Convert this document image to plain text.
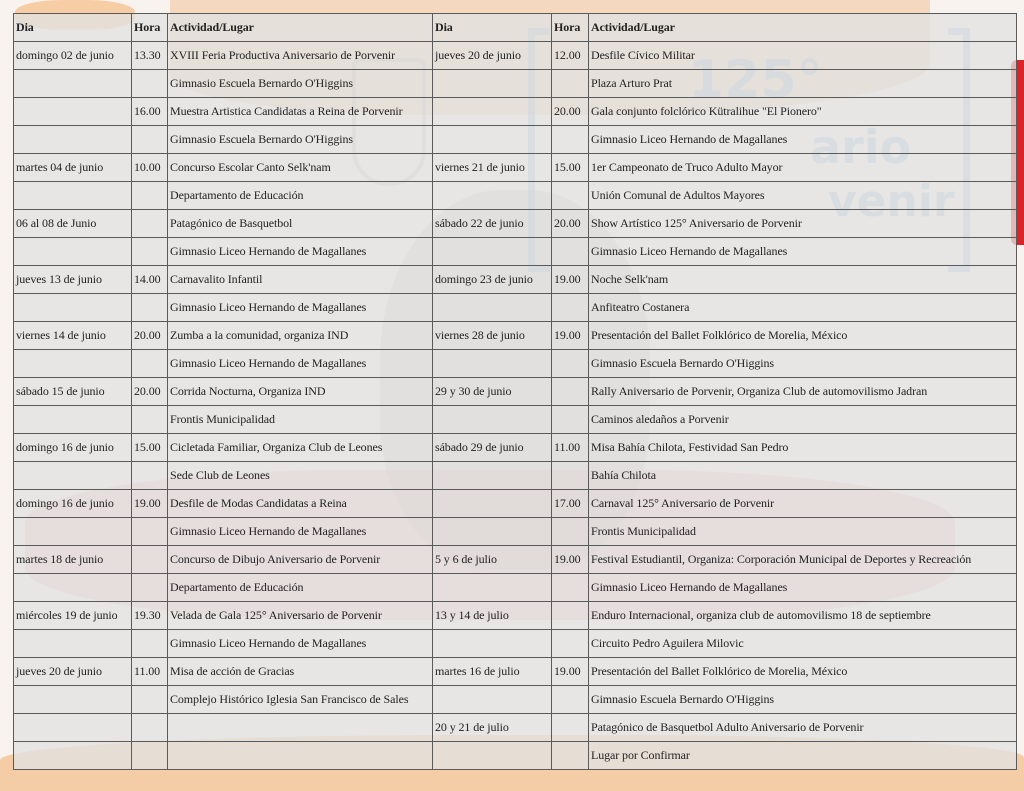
Dia	Hora	Actividad/Lugar	Dia	Hora	Actividad/Lugar
domingo 02 de junio	13.30	XVIII Feria Productiva Aniversario de Porvenir	jueves 20 de junio	12.00	Desfile Cívico Militar
		Gimnasio Escuela Bernardo O'Higgins			Plaza Arturo Prat
	16.00	Muestra Artistica Candidatas a Reina de Porvenir		20.00	Gala conjunto folclórico Kütralihue "El Pionero"
		Gimnasio Escuela Bernardo O'Higgins			Gimnasio Liceo Hernando de Magallanes
martes 04 de junio	10.00	Concurso Escolar Canto Selk'nam	viernes 21 de junio	15.00	1er Campeonato de Truco Adulto Mayor
		Departamento de Educación			Unión Comunal de Adultos Mayores
06 al 08 de Junio		Patagónico de Basquetbol	sábado 22 de junio	20.00	Show Artístico 125° Aniversario de Porvenir
		Gimnasio Liceo Hernando de Magallanes			Gimnasio Liceo Hernando de Magallanes
jueves 13 de junio	14.00	Carnavalito Infantil	domingo 23 de junio	19.00	Noche Selk'nam
		Gimnasio Liceo Hernando de Magallanes			Anfiteatro Costanera
viernes 14 de junio	20.00	Zumba a la comunidad, organiza IND	viernes 28 de junio	19.00	Presentación del Ballet Folklórico de Morelia, México
		Gimnasio Liceo Hernando de Magallanes			Gimnasio Escuela Bernardo O'Higgins
sábado 15 de junio	20.00	Corrida Nocturna, Organiza IND	29 y 30 de junio		Rally Aniversario de Porvenir, Organiza Club de automovilismo Jadran
		Frontis Municipalidad			Caminos aledaños a Porvenir
domingo 16 de junio	15.00	Cicletada Familiar, Organiza Club de Leones	sábado 29 de junio	11.00	Misa Bahía Chilota, Festividad San Pedro
		Sede Club de Leones			Bahía Chilota
domingo 16 de junio	19.00	Desfile de Modas Candidatas a Reina		17.00	Carnaval 125° Aniversario de Porvenir
		Gimnasio Liceo Hernando de Magallanes			Frontis Municipalidad
martes 18 de junio		Concurso de Dibujo Aniversario de Porvenir	5 y 6 de julio	19.00	Festival Estudiantil, Organiza: Corporación Municipal de Deportes y Recreación
		Departamento de Educación			Gimnasio Liceo Hernando de Magallanes
miércoles 19 de junio	19.30	Velada de Gala 125° Aniversario de Porvenir	13 y 14 de julio		Enduro Internacional, organiza club de automovilismo 18 de septiembre
		Gimnasio Liceo Hernando de Magallanes			Circuito Pedro Aguilera Milovic
jueves 20 de junio	11.00	Misa de acción de Gracias	martes 16 de julio	19.00	Presentación del Ballet Folklórico de Morelia, México
		Complejo Histórico Iglesia San Francisco de Sales			Gimnasio Escuela Bernardo O'Higgins
			20 y 21 de julio		Patagónico de Basquetbol Adulto Aniversario de Porvenir
					Lugar por Confirmar
